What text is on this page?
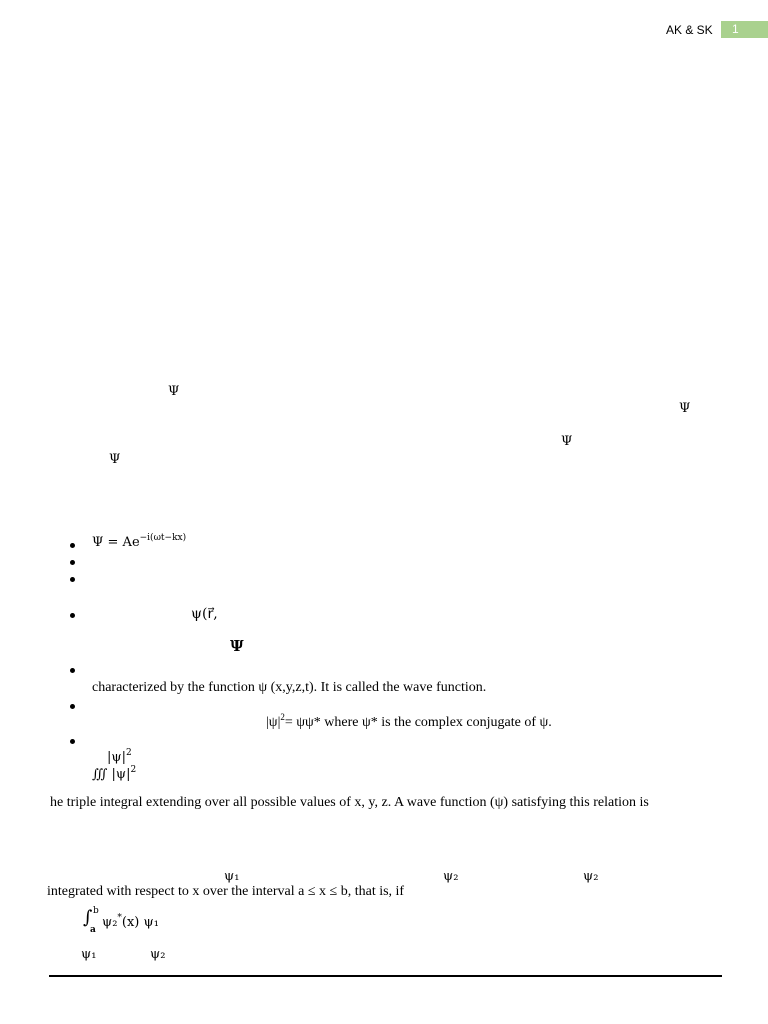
AK & SK	1
Ψ
Ψ
Ψ
Ψ
$\Psi = Ae^{-i(\omega t-kx)}$
ψ(r⃗,
𝚿
characterized by the function ψ (x,y,z,t). It is called the wave function.
$|\psi|^2= \psi\psi*$ where ψ* is the complex conjugate of ψ.
$|\psi|^2$
∭ $|\psi|^2$
he triple integral extending over all possible values of x, y, z. A wave function (ψ) satisfying this relation is
ψ₁	ψ₂	ψ₂
integrated with respect to x over the interval a ≤ x ≤ b, that is, if
∫ b
a ψ₂*(x) ψ₁
ψ₁	ψ₂
